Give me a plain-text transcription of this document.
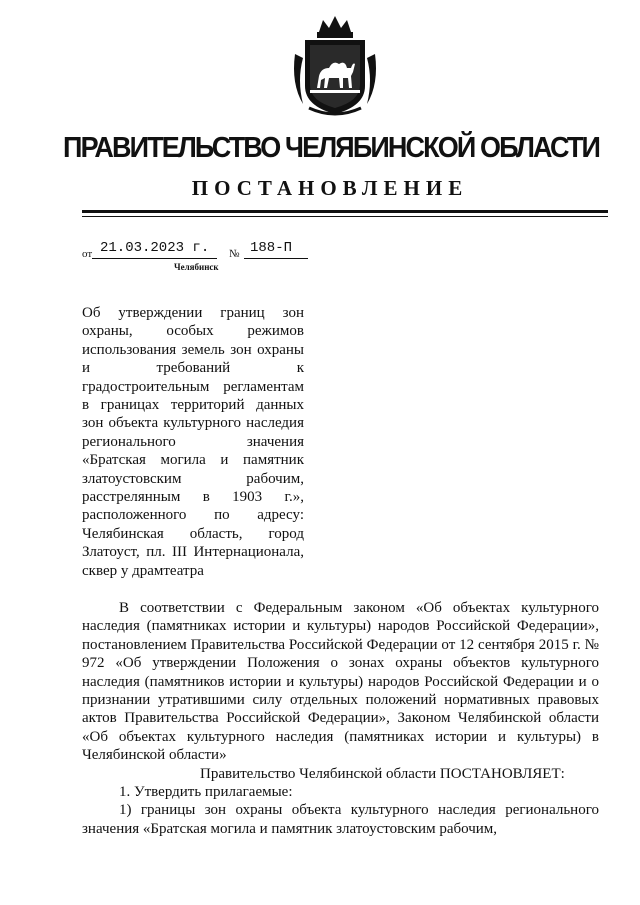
ПРАВИТЕЛЬСТВО ЧЕЛЯБИНСКОЙ ОБЛАСТИ
ПОСТАНОВЛЕНИЕ
от 21.03.2023 г. № 188-П
Челябинск
Об утверждении границ зон охраны, особых режимов использования земель зон охраны и требований к градостроительным регламентам в границах территорий данных зон объекта культурного наследия регионального значения «Братская могила и памятник златоустовским рабочим, расстрелянным в 1903 г.», расположенного по адресу: Челябинская область, город Златоуст, пл. III Интернационала, сквер у драмтеатра

В соответствии с Федеральным законом «Об объектах культурного наследия (памятниках истории и культуры) народов Российской Федерации», постановлением Правительства Российской Федерации от 12 сентября 2015 г. № 972 «Об утверждении Положения о зонах охраны объектов культурного наследия (памятников истории и культуры) народов Российской Федерации и о признании утратившими силу отдельных положений нормативных правовых актов Правительства Российской Федерации», Законом Челябинской области «Об объектах культурного наследия (памятниках истории и культуры) в Челябинской области»

Правительство Челябинской области ПОСТАНОВЛЯЕТ:

1. Утвердить прилагаемые:

1) границы зон охраны объекта культурного наследия регионального значения «Братская могила и памятник златоустовским рабочим,
